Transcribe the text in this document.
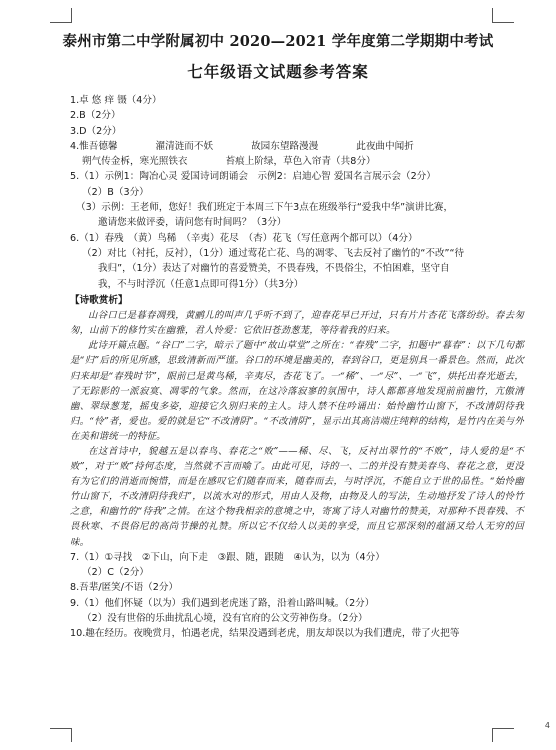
泰州市第二中学附属初中 2020—2021 学年度第二学期期中考试
七年级语文试题参考答案
1.卓 悠 痒 镊（4分）
2.B（2分）
3.D（2分）
4.惟吾德馨	濯清涟而不妖	故园东望路漫漫	此夜曲中闻折
朔气传金柝，寒光照铁衣	苔痕上阶绿，草色入帘青（共8分）
5.（1）示例1：陶冶心灵 爱国诗词朗诵会　示例2：启迪心智 爱国名言展示会（2分）
（2）B（3分）
（3）示例：王老师，您好！我们班定于本周三下午3点在班级举行“爱我中华”演讲比赛，
邀请您来做评委，请问您有时间吗？（3分）
6.（1）春残　（黄）鸟稀　（辛夷）花尽　（杏）花飞（写任意两个都可以）（4分）
（2）对比（衬托，反衬），（1分）通过莺花亡花、鸟的凋零、飞去反衬了幽竹的“不改”“待
我归”，（1分）表达了对幽竹的喜爱赞美，不畏春残，不畏俗尘，不怕困难，坚守自
我，不与时浮沉（任意1点即可得1分）（共3分）
【诗歌赏析】
山谷口已是暮春凋残，黄鹂儿的叫声几乎听不到了，迎春花早已开过，只有片片杏花飞落纷纷。春去匆匆，山前下的修竹实在幽雅，君人怜爱：它依旧苍劲葱茏，等待着我的归来。
此诗开篇点题。“谷口”二字，暗示了题中“故山草堂”之所在：“春残”二字，扣题中“暮春”：以下几句都是“归”后的所见所感，思致清新而严谨。谷口的环境是幽美的，春到谷口，更是别具一番景色。然而，此次归来却是“春残时节”，眼前已是黄鸟稀，辛夷尽，杏花飞了。一“稀”、一“尽”、一“飞”，烘托出春光逝去，了无踪影的一派寂寞、凋零的气象。然而，在这冷落寂寥的氛围中，诗人都都喜地发现前前幽竹，亢傲清幽、翠绿葱茏，摇曳多姿，迎接它久别归来的主人。诗人禁不住吟诵出：始怜幽竹山窗下，不改清阴待我归。“怜”者，爱也。爱的就是它“不改清阴”。“不改清阴”，显示出其高洁端庄纯粹的结构，是竹内在美与外在美和谐统一的特征。
在这首诗中，貌越五是以春鸟、春花之“败”——稀、尽、飞，反衬出翠竹的“不败”，诗人爱的是“不败”，对于“败”持何态度，当然就不言而喻了。由此可见，诗的一、二的并没有赞美春鸟、春花之意，更没有为它们的消逝而惋惜，而是在感叹它们随春而来，随春而去，与时浮沉，不能自立于世的品性。“始怜幽竹山窗下，不改清阴待我归”，以流水对的形式，用由人及物，由物及人的写法，生动地抒发了诗人的怜竹之意，和幽竹的“待我”之情。在这个物我相亲的意境之中，寄寓了诗人对幽竹的赞美，对那种不畏春残、不畏秋寒、不畏俗尼的高尚节操的礼赞。所以它不仅给人以美的享受，而且它那深刻的蕴涵又给人无穷的回味。
7.（1）①寻找　②下山，向下走　③跟、随，跟随　④认为，以为（4分）
（2）C（2分）
8.吾辈/匿笑/不语（2分）
9.（1）他们怀疑（以为）我们遇到老虎迷了路，沿着山路叫喊。（2分）
（2）没有世俗的乐曲扰乱心境，没有官府的公文劳神伤身。（2分）
10.趣在经历。夜晚赏月，怕遇老虎，结果没遇到老虎，朋友却误以为我们遭虎，带了火把等
4
